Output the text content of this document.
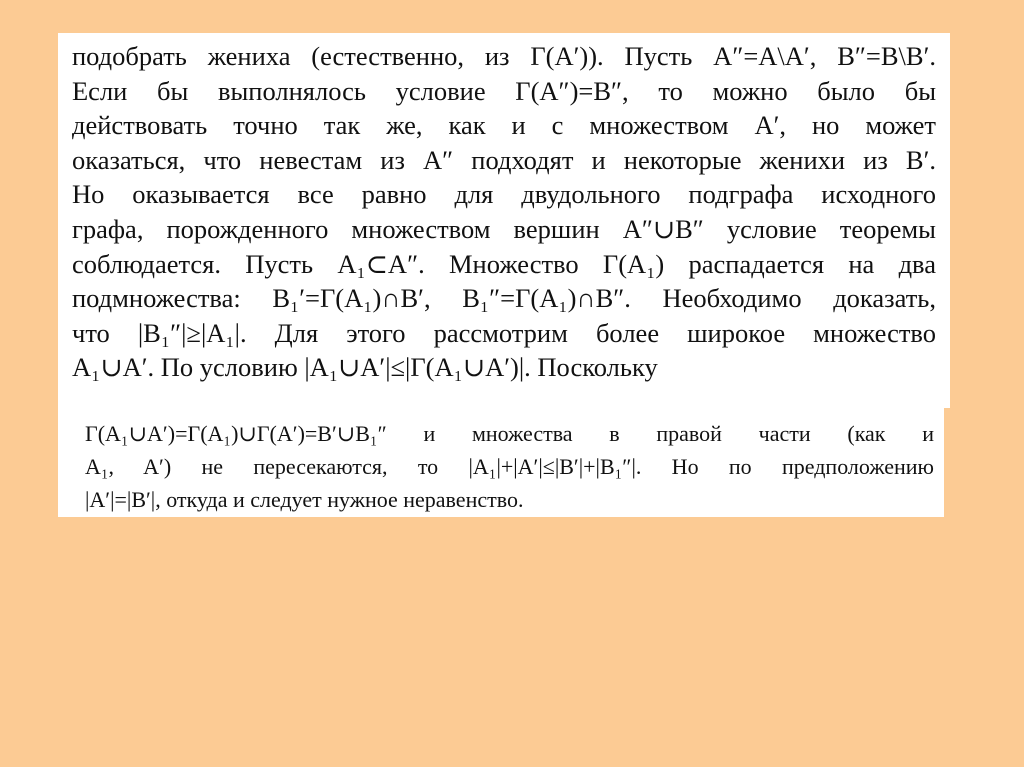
подобрать жениха (естественно, из Γ(A′)). Пусть A″=A\A′, B″=B\B′.
Если бы выполнялось условие Γ(A″)=B″, то можно было бы
действовать точно так же, как и с множеством A′, но может
оказаться, что невестам из A″ подходят и некоторые женихи из B′.
Но оказывается все равно для двудольного подграфа исходного
графа, порожденного множеством вершин A″∪B″ условие теоремы
соблюдается. Пусть A₁⊂A″. Множество Γ(A₁) распадается на два
подмножества: B₁′=Γ(A₁)∩B′, B₁″=Γ(A₁)∩B″. Необходимо доказать,
что |B₁″|≥|A₁|. Для этого рассмотрим более широкое множество
A₁∪A′. По условию |A₁∪A′|≤|Γ(A₁∪A′)|. Поскольку
Γ(A₁∪A′)=Γ(A₁)∪Γ(A′)=B′∪B₁″ и множества в правой части (как и
A₁, A′) не пересекаются, то |A₁|+|A′|≤|B′|+|B₁″|. Но по предположению
|A′|=|B′|, откуда и следует нужное неравенство.
